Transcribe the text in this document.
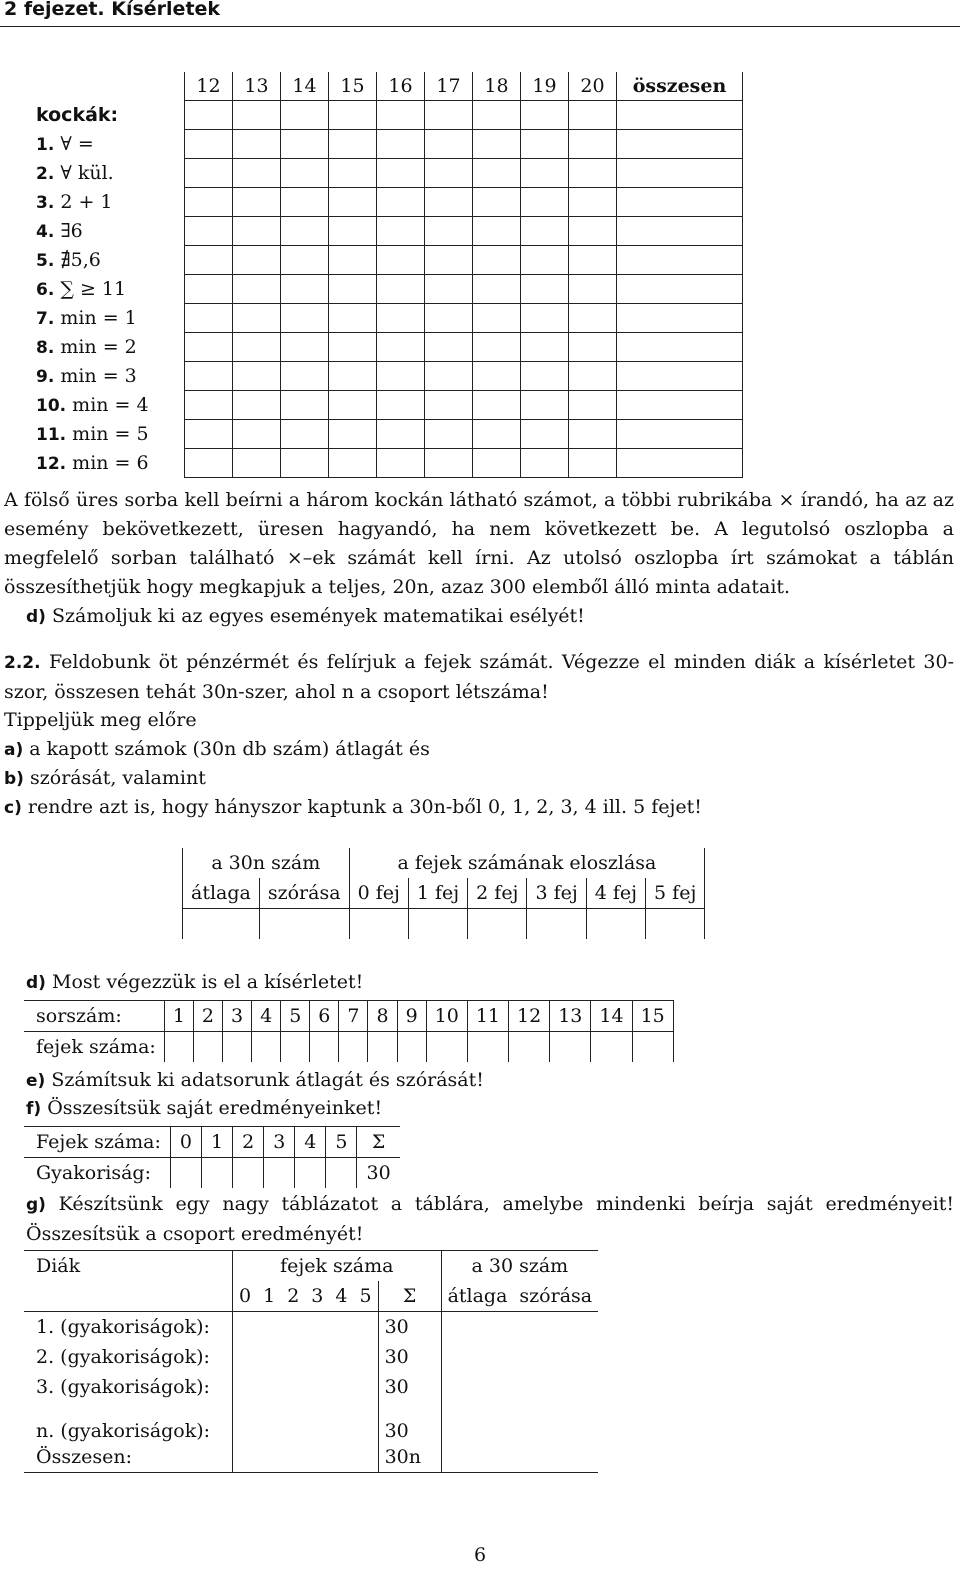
2 fejezet. Kísérletek
	12	13	14	15	16	17	18	19	20	összesen
kockák:										
1. ∀ =										
2. ∀ kül.										
3. 2 + 1										
4. ∃6										
5. ∄5,6										
6. ∑ ≥ 11										
7. min = 1										
8. min = 2										
9. min = 3										
10. min = 4										
11. min = 5										
12. min = 6										
A fölső üres sorba kell beírni a három kockán látható számot, a többi rubrikába × írandó, ha az az esemény bekövetkezett, üresen hagyandó, ha nem következett be. A legutolsó oszlopba a megfelelő sorban található ×–ek számát kell írni. Az utolsó oszlopba írt számokat a táblán összesíthetjük hogy megkapjuk a teljes, 20n, azaz 300 elemből álló minta adatait.
d) Számoljuk ki az egyes események matematikai esélyét!
2.2. Feldobunk öt pénzérmét és felírjuk a fejek számát. Végezze el minden diák a kísérletet 30-szor, összesen tehát 30n-szer, ahol n a csoport létszáma!
Tippeljük meg előre
a) a kapott számok (30n db szám) átlagát és
b) szórását, valamint
c) rendre azt is, hogy hányszor kaptunk a 30n-ből 0, 1, 2, 3, 4 ill. 5 fejet!
a 30n szám		a fejek számának eloszlása					
átlaga	szórása	0 fej	1 fej	2 fej	3 fej	4 fej	5 fej

d) Most végezzük is el a kísérletet!
sorszám:	1	2	3	4	5	6	7	8	9	10	11	12	13	14	15
fejek száma:															
e) Számítsuk ki adatsorunk átlagát és szórását!
f) Összesítsük saját eredményeinket!
Fejek száma:	0	1	2	3	4	5	Σ
Gyakoriság:							30
g) Készítsünk egy nagy táblázatot a táblára, amelybe mindenki beírja saját eredményeit! Összesítsük a csoport eredményét!
Diák	fejek száma							a 30 szám	
	0	1	2	3	4	5	Σ	átlaga	szórása
1. (gyakoriságok):							30		
2. (gyakoriságok):							30		
3. (gyakoriságok):							30		
n. (gyakoriságok):							30		
Összesen:							30n		
6
